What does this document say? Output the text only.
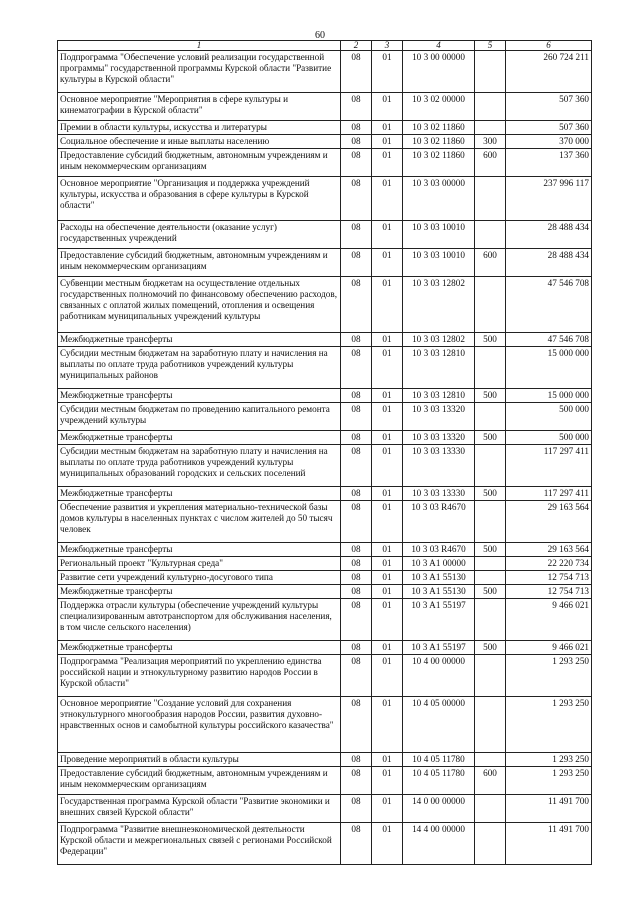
60
1	2	3	4	5	6
Подпрограмма "Обеспечение условий реализации государственной программы" государственной программы Курской области "Развитие культуры в Курской области"	08	01	10 3 00 00000		260 724 211
Основное мероприятие "Мероприятия в сфере культуры и кинематографии в Курской области"	08	01	10 3 02 00000		507 360
Премии в области культуры, искусства и литературы	08	01	10 3 02 11860		507 360
Социальное обеспечение и иные выплаты населению	08	01	10 3 02 11860	300	370 000
Предоставление субсидий бюджетным, автономным учреждениям и иным некоммерческим организациям	08	01	10 3 02 11860	600	137 360
Основное мероприятие "Организация и поддержка учреждений культуры, искусства и образования в сфере культуры в Курской области"	08	01	10 3 03 00000		237 996 117
Расходы на обеспечение деятельности (оказание услуг) государственных учреждений	08	01	10 3 03 10010		28 488 434
Предоставление субсидий бюджетным, автономным учреждениям и иным некоммерческим организациям	08	01	10 3 03 10010	600	28 488 434
Субвенции местным бюджетам на осуществление отдельных государственных полномочий по финансовому обеспечению расходов, связанных с оплатой жилых помещений, отопления и освещения работникам муниципальных учреждений культуры	08	01	10 3 03 12802		47 546 708
Межбюджетные трансферты	08	01	10 3 03 12802	500	47 546 708
Субсидии местным бюджетам на заработную плату и начисления на выплаты по оплате труда работников учреждений культуры муниципальных районов	08	01	10 3 03 12810		15 000 000
Межбюджетные трансферты	08	01	10 3 03 12810	500	15 000 000
Субсидии местным бюджетам по проведению капитального ремонта учреждений культуры	08	01	10 3 03 13320		500 000
Межбюджетные трансферты	08	01	10 3 03 13320	500	500 000
Субсидии местным бюджетам на заработную плату и начисления на выплаты по оплате труда работников учреждений культуры муниципальных образований городских и сельских поселений	08	01	10 3 03 13330		117 297 411
Межбюджетные трансферты	08	01	10 3 03 13330	500	117 297 411
Обеспечение развития и укрепления материально-технической базы домов культуры в населенных пунктах с числом жителей до 50 тысяч человек	08	01	10 3 03 R4670		29 163 564
Межбюджетные трансферты	08	01	10 3 03 R4670	500	29 163 564
Региональный проект "Культурная среда"	08	01	10 3 A1 00000		22 220 734
Развитие сети учреждений культурно-досугового типа	08	01	10 3 A1 55130		12 754 713
Межбюджетные трансферты	08	01	10 3 A1 55130	500	12 754 713
Поддержка отрасли культуры (обеспечение учреждений культуры специализированным автотранспортом для обслуживания населения, в том числе сельского населения)	08	01	10 3 A1 55197		9 466 021
Межбюджетные трансферты	08	01	10 3 A1 55197	500	9 466 021
Подпрограмма "Реализация мероприятий по укреплению единства российской нации и этнокультурному развитию народов России в Курской области"	08	01	10 4 00 00000		1 293 250
Основное мероприятие "Создание условий для сохранения этнокультурного многообразия народов России, развития духовно-нравственных основ и самобытной культуры российского казачества"	08	01	10 4 05 00000		1 293 250
Проведение мероприятий в области культуры	08	01	10 4 05 11780		1 293 250
Предоставление субсидий бюджетным, автономным учреждениям и иным некоммерческим организациям	08	01	10 4 05 11780	600	1 293 250
Государственная программа Курской области "Развитие экономики и внешних связей Курской области"	08	01	14 0 00 00000		11 491 700
Подпрограмма "Развитие внешнеэкономической деятельности Курской области и межрегиональных связей с регионами Российской Федерации"	08	01	14 4 00 00000		11 491 700
